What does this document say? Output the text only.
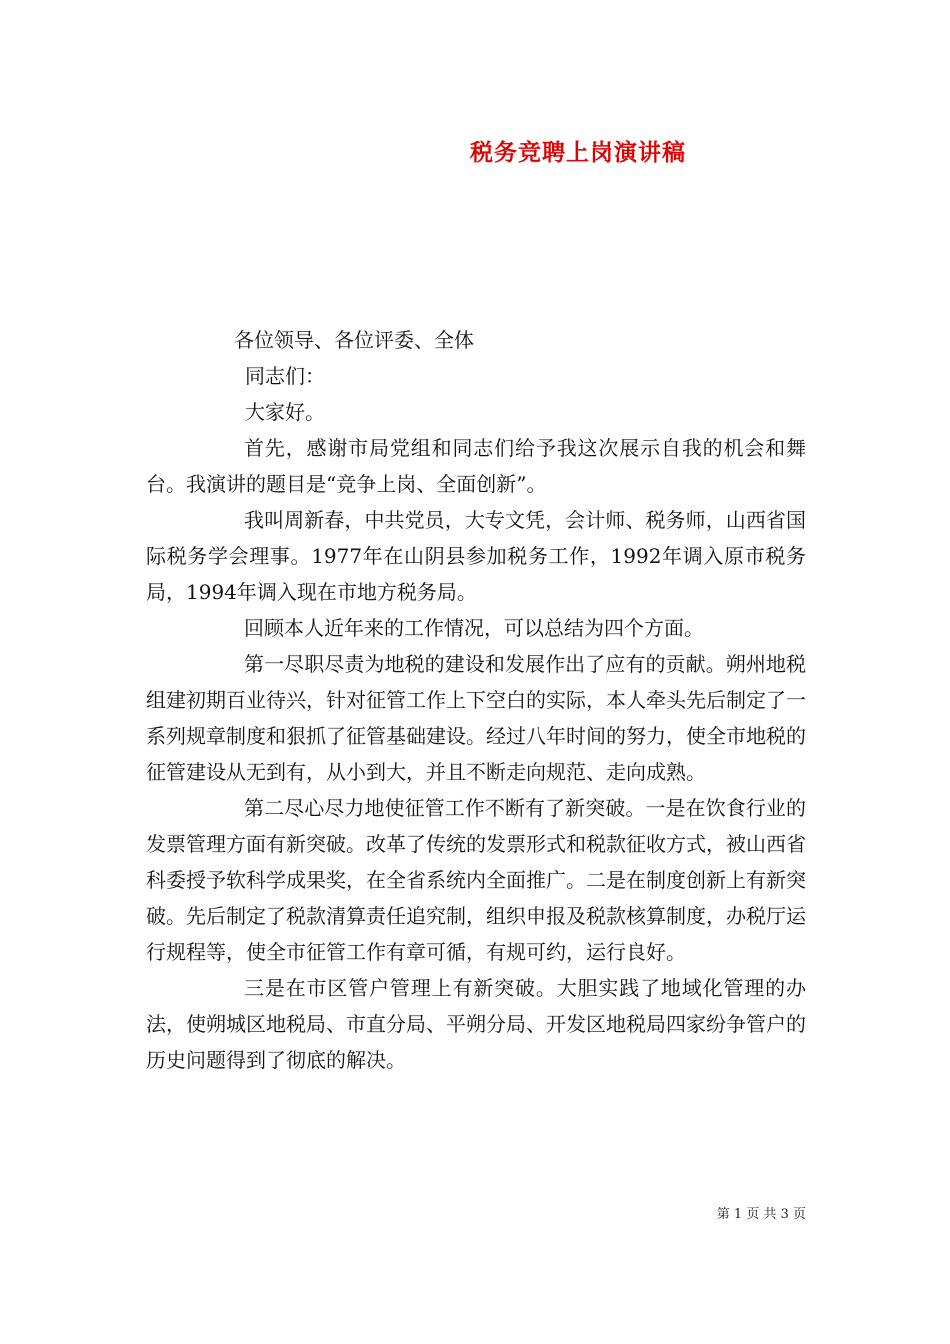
税务竞聘上岗演讲稿

各位领导、各位评委、全体

同志们：

大家好。

首先，感谢市局党组和同志们给予我这次展示自我的机会和舞台。我演讲的题目是“竞争上岗、全面创新”。

我叫周新春，中共党员，大专文凭，会计师、税务师，山西省国际税务学会理事。1977年在山阴县参加税务工作，1992年调入原市税务局，1994年调入现在市地方税务局。

回顾本人近年来的工作情况，可以总结为四个方面。

第一尽职尽责为地税的建设和发展作出了应有的贡献。朔州地税组建初期百业待兴，针对征管工作上下空白的实际，本人牵头先后制定了一系列规章制度和狠抓了征管基础建设。经过八年时间的努力，使全市地税的征管建设从无到有，从小到大，并且不断走向规范、走向成熟。

第二尽心尽力地使征管工作不断有了新突破。一是在饮食行业的发票管理方面有新突破。改革了传统的发票形式和税款征收方式，被山西省科委授予软科学成果奖，在全省系统内全面推广。二是在制度创新上有新突破。先后制定了税款清算责任追究制，组织申报及税款核算制度，办税厅运行规程等，使全市征管工作有章可循，有规可约，运行良好。

三是在市区管户管理上有新突破。大胆实践了地域化管理的办法，使朔城区地税局、市直分局、平朔分局、开发区地税局四家纷争管户的历史问题得到了彻底的解决。

第 1 页 共 3 页
